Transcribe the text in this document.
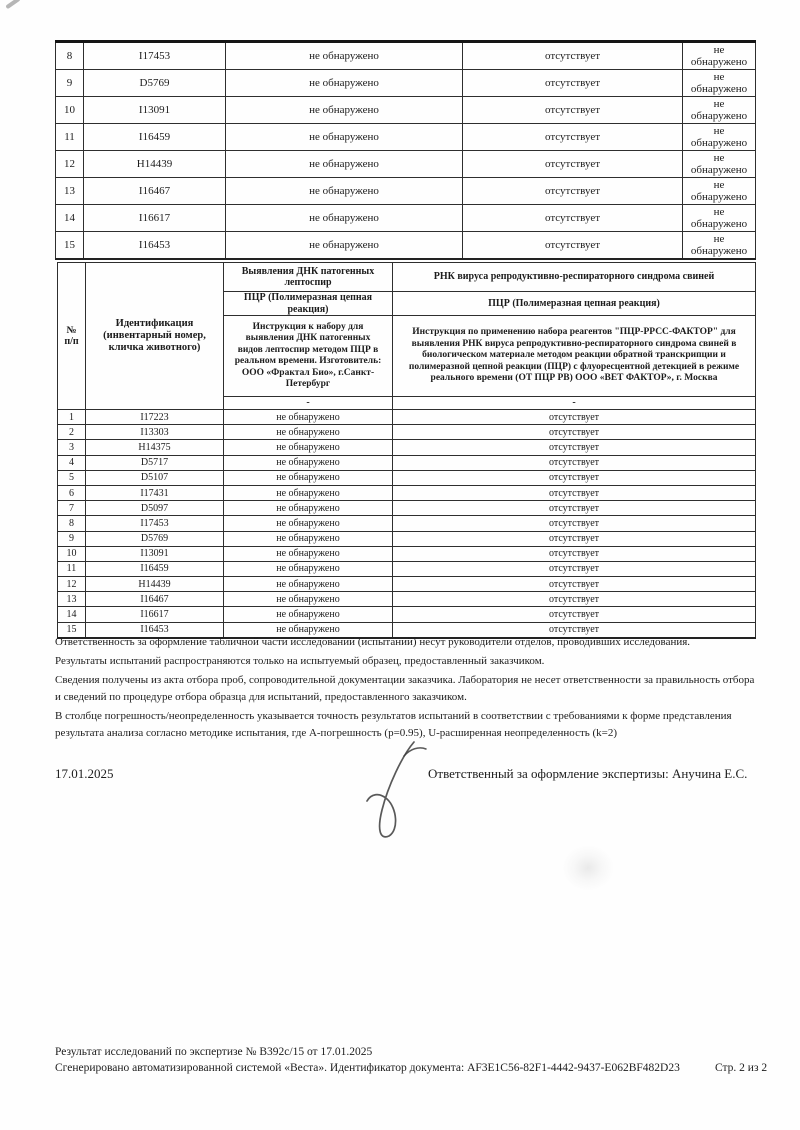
8	I17453	не обнаружено	отсутствует	не обнаружено
9	D5769	не обнаружено	отсутствует	не обнаружено
10	I13091	не обнаружено	отсутствует	не обнаружено
11	I16459	не обнаружено	отсутствует	не обнаружено
12	H14439	не обнаружено	отсутствует	не обнаружено
13	I16467	не обнаружено	отсутствует	не обнаружено
14	I16617	не обнаружено	отсутствует	не обнаружено
15	I16453	не обнаружено	отсутствует	не обнаружено
№ п/п	Идентификация (инвентарный номер, кличка животного)	Выявления ДНК патогенных лептоспир	РНК вируса репродуктивно-респираторного синдрома свиней
		ПЦР (Полимеразная цепная реакция)	ПЦР (Полимеразная цепная реакция)
		Инструкция к набору для выявления ДНК патогенных видов лептоспир методом ПЦР в реальном времени. Изготовитель: ООО «Фрактал Био», г.Санкт-Петербург	Инструкция по применению набора реагентов "ПЦР-РРСС-ФАКТОР" для выявления РНК вируса репродуктивно-респираторного синдрома свиней в биологическом материале методом реакции обратной транскрипции и полимеразной цепной реакции (ПЦР) с флуоресцентной детекцией в режиме реального времени (ОТ ПЦР РВ) ООО «ВЕТ ФАКТОР», г. Москва
		-	-
1	I17223	не обнаружено	отсутствует
2	I13303	не обнаружено	отсутствует
3	H14375	не обнаружено	отсутствует
4	D5717	не обнаружено	отсутствует
5	D5107	не обнаружено	отсутствует
6	I17431	не обнаружено	отсутствует
7	D5097	не обнаружено	отсутствует
8	I17453	не обнаружено	отсутствует
9	D5769	не обнаружено	отсутствует
10	I13091	не обнаружено	отсутствует
11	I16459	не обнаружено	отсутствует
12	H14439	не обнаружено	отсутствует
13	I16467	не обнаружено	отсутствует
14	I16617	не обнаружено	отсутствует
15	I16453	не обнаружено	отсутствует

Ответственность за оформление табличной части исследований (испытаний) несут руководители отделов, проводивших исследования.

Результаты испытаний распространяются только на испытуемый образец, предоставленный заказчиком.

Сведения получены из акта отбора проб, сопроводительной документации заказчика. Лаборатория не несет ответственности за правильность отбора и сведений по процедуре отбора образца для испытаний, предоставленного заказчиком.

В столбце погрешность/неопределенность указывается точность результатов испытаний в соответствии с требованиями к форме представления результата анализа согласно методике испытания, где А-погрешность (p=0.95), U-расширенная неопределенность (k=2)

17.01.2025	Ответственный за оформление экспертизы: Анучина Е.С.
Результат исследований по экспертизе № B392с/15 от 17.01.2025
Сгенерировано автоматизированной системой «Веста». Идентификатор документа: AF3E1C56-82F1-4442-9437-E062BF482D23	Стр. 2 из 2
